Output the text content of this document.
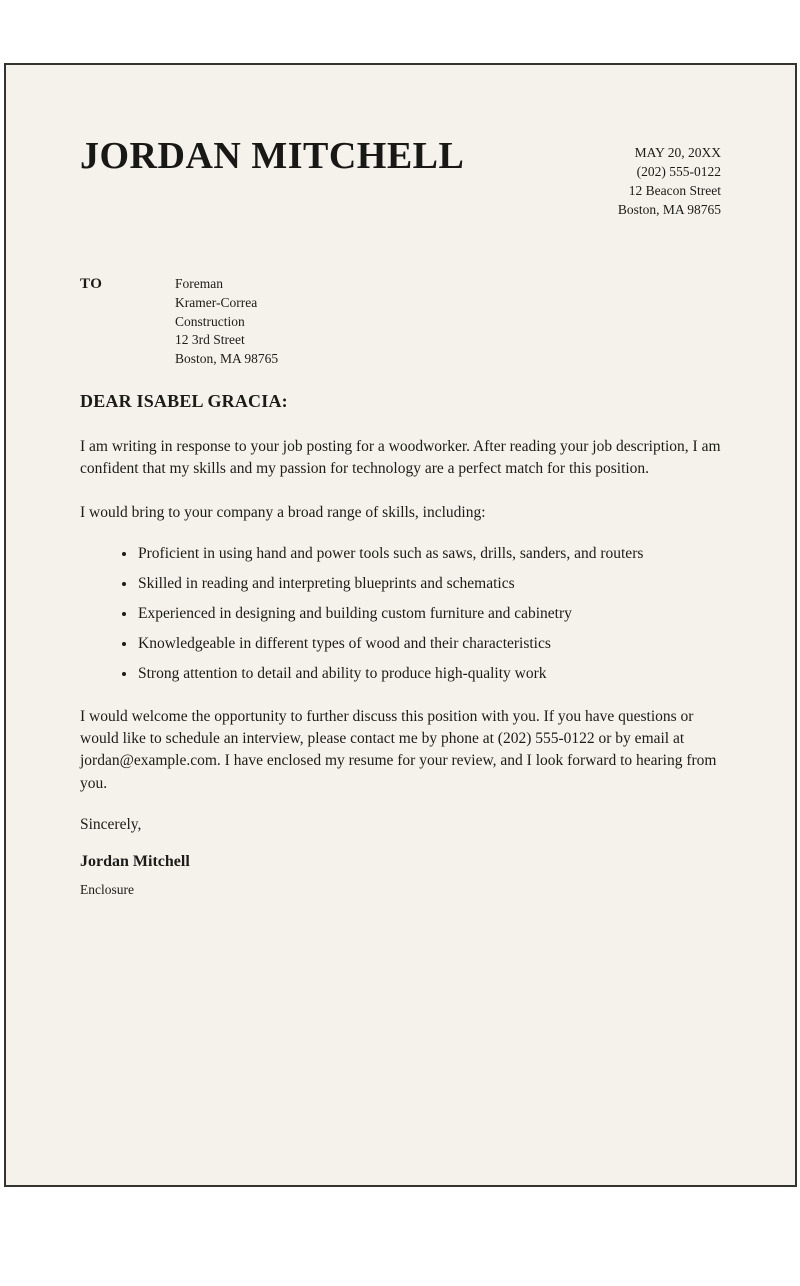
JORDAN MITCHELL	MAY 20, 20XX
(202) 555-0122
12 Beacon Street
Boston, MA 98765
TO	Foreman
Kramer-Correa
Construction
12 3rd Street
Boston, MA 98765
DEAR ISABEL GRACIA:

I am writing in response to your job posting for a woodworker. After reading your job description, I am confident that my skills and my passion for technology are a perfect match for this position.

I would bring to your company a broad range of skills, including:

• Proficient in using hand and power tools such as saws, drills, sanders, and routers
• Skilled in reading and interpreting blueprints and schematics
• Experienced in designing and building custom furniture and cabinetry
• Knowledgeable in different types of wood and their characteristics
• Strong attention to detail and ability to produce high-quality work

I would welcome the opportunity to further discuss this position with you. If you have questions or would like to schedule an interview, please contact me by phone at (202) 555-0122 or by email at jordan@example.com. I have enclosed my resume for your review, and I look forward to hearing from you.

Sincerely,
Jordan Mitchell
Enclosure
